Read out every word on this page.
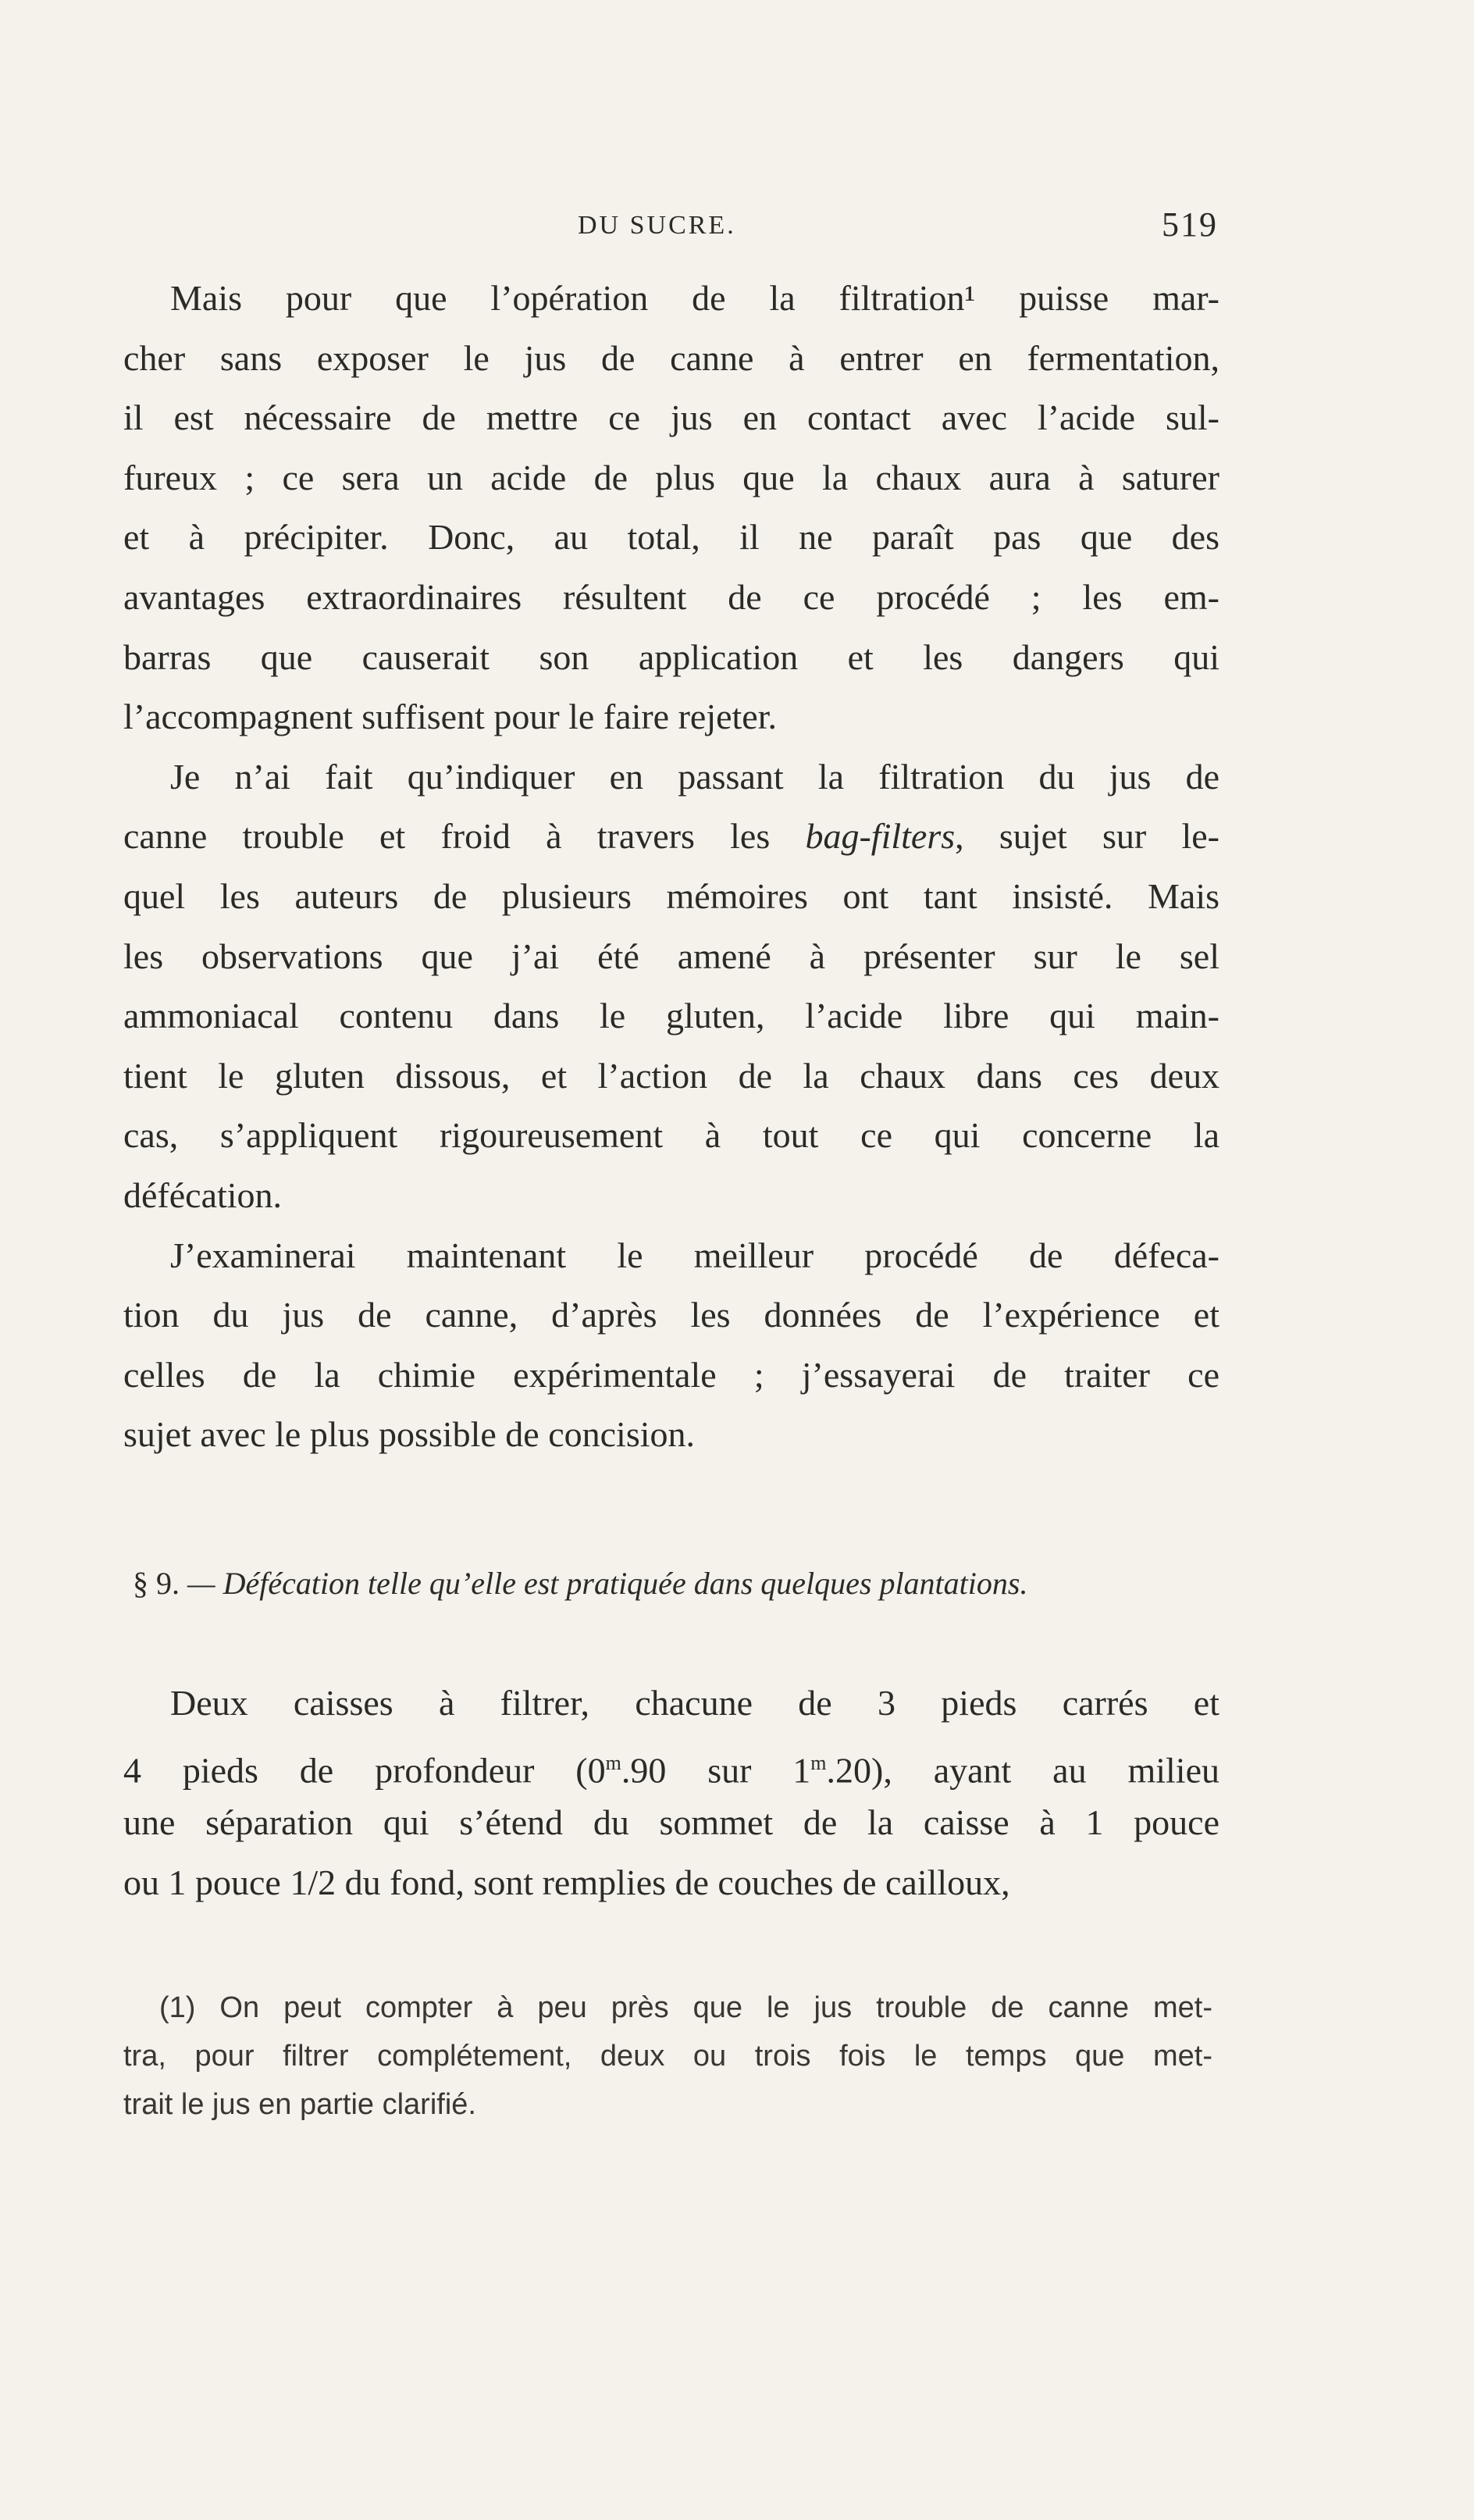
DU SUCRE.	519
Mais pour que l’opération de la filtration¹ puisse mar-
cher sans exposer le jus de canne à entrer en fermentation,
il est nécessaire de mettre ce jus en contact avec l’acide sul-
fureux ; ce sera un acide de plus que la chaux aura à saturer
et à précipiter. Donc, au total, il ne paraît pas que des
avantages extraordinaires résultent de ce procédé ; les em-
barras que causerait son application et les dangers qui
l’accompagnent suffisent pour le faire rejeter.
Je n’ai fait qu’indiquer en passant la filtration du jus de
canne trouble et froid à travers les bag-filters, sujet sur le-
quel les auteurs de plusieurs mémoires ont tant insisté. Mais
les observations que j’ai été amené à présenter sur le sel
ammoniacal contenu dans le gluten, l’acide libre qui main-
tient le gluten dissous, et l’action de la chaux dans ces deux
cas, s’appliquent rigoureusement à tout ce qui concerne la
défécation.
J’examinerai maintenant le meilleur procédé de défeca-
tion du jus de canne, d’après les données de l’expérience et
celles de la chimie expérimentale ; j’essayerai de traiter ce
sujet avec le plus possible de concision.
§ 9. — Défécation telle qu’elle est pratiquée dans quelques plantations.
Deux caisses à filtrer, chacune de 3 pieds carrés et
4 pieds de profondeur (0$^m$.90 sur 1$^m$.20), ayant au milieu
une séparation qui s’étend du sommet de la caisse à 1 pouce
ou 1 pouce 1/2 du fond, sont remplies de couches de cailloux,
(1) On peut compter à peu près que le jus trouble de canne met-
tra, pour filtrer complétement, deux ou trois fois le temps que met-
trait le jus en partie clarifié.
